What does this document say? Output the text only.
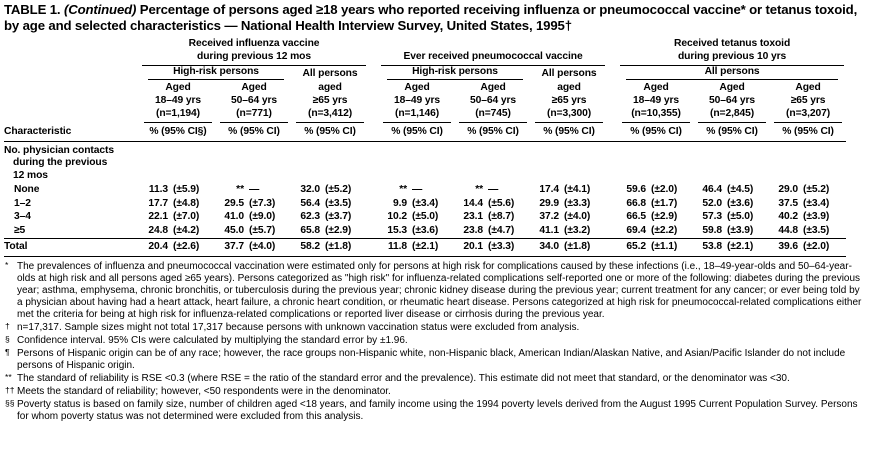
TABLE 1. (Continued) Percentage of persons aged ≥18 years who reported receiving influenza or pneumococcal vaccine* or tetanus toxoid, by age and selected characteristics — National Health Interview Survey, United States, 1995†

	Received influenza vaccine
during previous 12 mos							Ever received pneumococcal vaccine							Received tetanus toxoid
during previous 10 yrs					

	High-risk persons				All persons			High-risk persons				All persons			All persons					

	Aged
18–49 yrs
(n=1,194)		Aged
50–64 yrs
(n=771)		aged
≥65 yrs
(n=3,412)			Aged
18–49 yrs
(n=1,146)		Aged
50–64 yrs
(n=745)		aged
≥65 yrs
(n=3,300)			Aged
18–49 yrs
(n=10,355)		Aged
50–64 yrs
(n=2,845)		Aged
≥65 yrs
(n=3,207)	

Characteristic	% (95% CI§)		% (95% CI)		% (95% CI)			% (95% CI)		% (95% CI)		% (95% CI)			% (95% CI)		% (95% CI)		% (95% CI)	

No. physician contacts
during the previous
12 mos																				

None	11.3	(±5.9)	**	—	32.0	(±5.2)		**	—	**	—	17.4	(±4.1)		59.6	(±2.0)	46.4	(±4.5)	29.0	(±5.2)
1–2	17.7	(±4.8)	29.5	(±7.3)	56.4	(±3.5)		9.9	(±3.4)	14.4	(±5.6)	29.9	(±3.3)		66.8	(±1.7)	52.0	(±3.6)	37.5	(±3.4)
3–4	22.1	(±7.0)	41.0	(±9.0)	62.3	(±3.7)		10.2	(±5.0)	23.1	(±8.7)	37.2	(±4.0)		66.5	(±2.9)	57.3	(±5.0)	40.2	(±3.9)
≥5	24.8	(±4.2)	45.0	(±5.7)	65.8	(±2.9)		15.3	(±3.6)	23.8	(±4.7)	41.1	(±3.2)		69.4	(±2.2)	59.8	(±3.9)	44.8	(±3.5)
Total	20.4	(±2.6)	37.7	(±4.0)	58.2	(±1.8)		11.8	(±2.1)	20.1	(±3.3)	34.0	(±1.8)		65.2	(±1.1)	53.8	(±2.1)	39.6	(±2.0)
* The prevalences of influenza and pneumococcal vaccination were estimated only for persons at high risk for complications caused by these infections (i.e., 18–49-year-olds and 50–64-year-olds at high risk and all persons aged ≥65 years). Persons categorized as "high risk" for influenza-related complications self-reported one or more of the following: diabetes during the previous year; asthma, emphysema, chronic bronchitis, or tuberculosis during the previous year; chronic kidney disease during the previous year; current treatment for any cancer; or ever being told by a physician about having had a heart attack, heart failure, a chronic heart condition, or rheumatic heart disease. Persons categorized at high risk for pneumococcal-related complications either met the criteria for being at high risk for influenza-related complications or reported liver disease or cirrhosis during the previous year.
† n=17,317. Sample sizes might not total 17,317 because persons with unknown vaccination status were excluded from analysis.
§ Confidence interval. 95% CIs were calculated by multiplying the standard error by ±1.96.
¶ Persons of Hispanic origin can be of any race; however, the race groups non-Hispanic white, non-Hispanic black, American Indian/Alaskan Native, and Asian/Pacific Islander do not include persons of Hispanic origin.
** The standard of reliability is RSE <0.3 (where RSE = the ratio of the standard error and the prevalence). This estimate did not meet that standard, or the denominator was <30.
†† Meets the standard of reliability; however, <50 respondents were in the denominator.
§§ Poverty status is based on family size, number of children aged <18 years, and family income using the 1994 poverty levels derived from the August 1995 Current Population Survey. Persons for whom poverty status was not determined were excluded from this analysis.
